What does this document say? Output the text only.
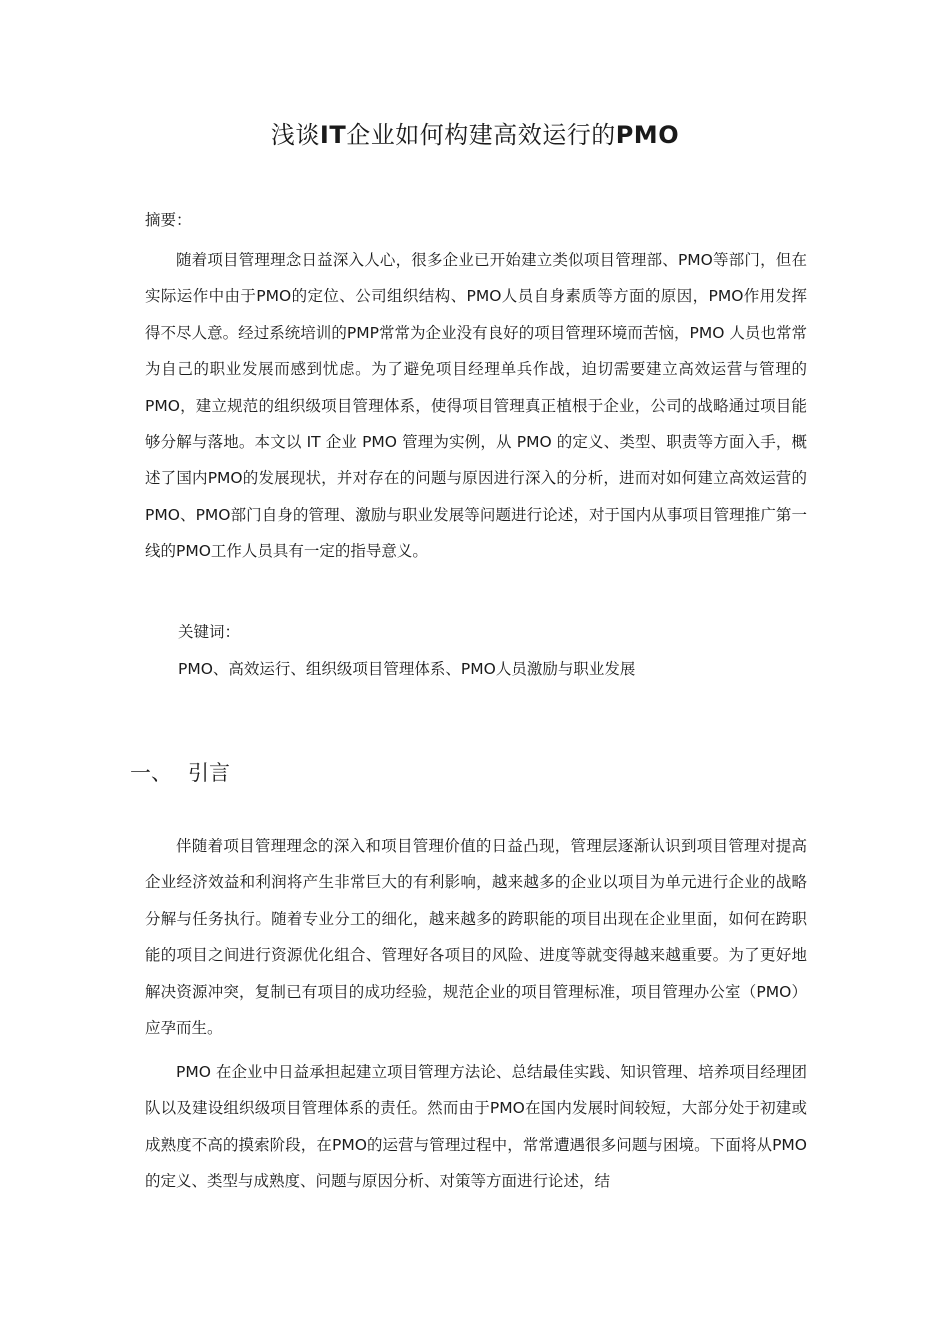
浅谈IT企业如何构建高效运行的PMO
摘要：

随着项目管理理念日益深入人心，很多企业已开始建立类似项目管理部、PMO等部门，但在实际运作中由于PMO的定位、公司组织结构、PMO人员自身素质等方面的原因，PMO作用发挥得不尽人意。经过系统培训的PMP常常为企业没有良好的项目管理环境而苦恼，PMO 人员也常常为自己的职业发展而感到忧虑。为了避免项目经理单兵作战，迫切需要建立高效运营与管理的 PMO，建立规范的组织级项目管理体系，使得项目管理真正植根于企业，公司的战略通过项目能够分解与落地。本文以 IT 企业 PMO 管理为实例，从 PMO 的定义、类型、职责等方面入手，概述了国内PMO的发展现状，并对存在的问题与原因进行深入的分析，进而对如何建立高效运营的PMO、PMO部门自身的管理、激励与职业发展等问题进行论述，对于国内从事项目管理推广第一线的PMO工作人员具有一定的指导意义。

关键词：
PMO、高效运行、组织级项目管理体系、PMO人员激励与职业发展
一、 引言

伴随着项目管理理念的深入和项目管理价值的日益凸现，管理层逐渐认识到项目管理对提高企业经济效益和利润将产生非常巨大的有利影响，越来越多的企业以项目为单元进行企业的战略分解与任务执行。随着专业分工的细化，越来越多的跨职能的项目出现在企业里面，如何在跨职能的项目之间进行资源优化组合、管理好各项目的风险、进度等就变得越来越重要。为了更好地解决资源冲突，复制已有项目的成功经验，规范企业的项目管理标准，项目管理办公室（PMO）应孕而生。

PMO 在企业中日益承担起建立项目管理方法论、总结最佳实践、知识管理、培养项目经理团队以及建设组织级项目管理体系的责任。然而由于PMO在国内发展时间较短，大部分处于初建或成熟度不高的摸索阶段，在PMO的运营与管理过程中，常常遭遇很多问题与困境。下面将从PMO的定义、类型与成熟度、问题与原因分析、对策等方面进行论述，结
